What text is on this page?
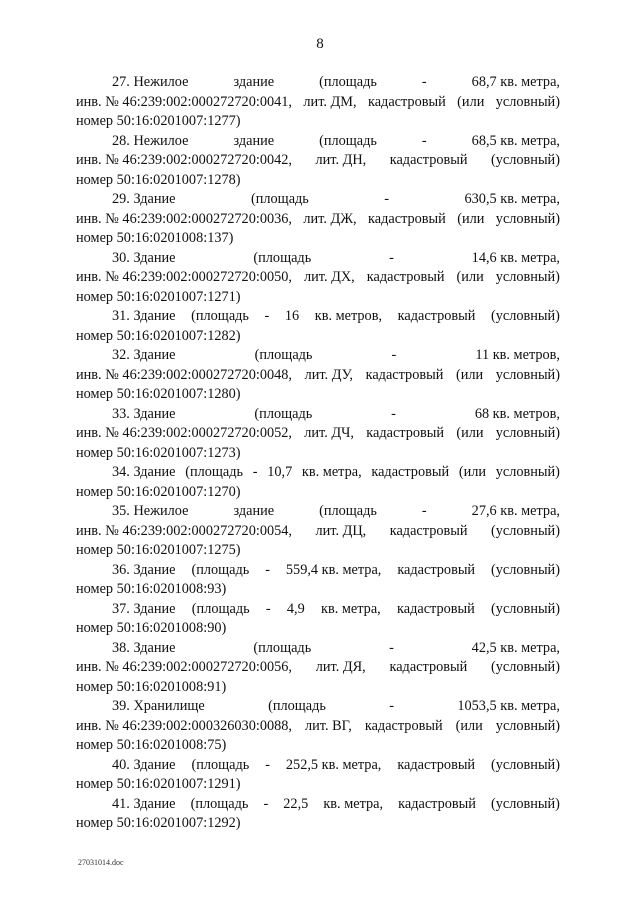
8
27. Нежилое	здание	(площадь	-	68,7 кв. метра,
инв. № 46:239:002:000272720:0041, лит. ДМ, кадастровый (или условный)
номер 50:16:0201007:1277)
28. Нежилое	здание	(площадь	-	68,5 кв. метра,
инв. № 46:239:002:000272720:0042, лит. ДН, кадастровый (условный)
номер 50:16:0201007:1278)
29. Здание	(площадь	-	630,5 кв. метра,
инв. № 46:239:002:000272720:0036, лит. ДЖ, кадастровый (или условный)
номер 50:16:0201008:137)
30. Здание	(площадь	-	14,6 кв. метра,
инв. № 46:239:002:000272720:0050, лит. ДХ, кадастровый (или условный)
номер 50:16:0201007:1271)
31. Здание (площадь - 16 кв. метров, кадастровый (условный)
номер 50:16:0201007:1282)
32. Здание	(площадь	-	11 кв. метров,
инв. № 46:239:002:000272720:0048, лит. ДУ, кадастровый (или условный)
номер 50:16:0201007:1280)
33. Здание	(площадь	-	68 кв. метров,
инв. № 46:239:002:000272720:0052, лит. ДЧ, кадастровый (или условный)
номер 50:16:0201007:1273)
34. Здание (площадь - 10,7 кв. метра, кадастровый (или условный)
номер 50:16:0201007:1270)
35. Нежилое	здание	(площадь	-	27,6 кв. метра,
инв. № 46:239:002:000272720:0054, лит. ДЦ, кадастровый (условный)
номер 50:16:0201007:1275)
36. Здание (площадь - 559,4 кв. метра, кадастровый (условный)
номер 50:16:0201008:93)
37. Здание (площадь - 4,9 кв. метра, кадастровый (условный)
номер 50:16:0201008:90)
38. Здание	(площадь	-	42,5 кв. метра,
инв. № 46:239:002:000272720:0056, лит. ДЯ, кадастровый (условный)
номер 50:16:0201008:91)
39. Хранилище	(площадь	-	1053,5 кв. метра,
инв. № 46:239:002:000326030:0088, лит. ВГ, кадастровый (или условный)
номер 50:16:0201008:75)
40. Здание (площадь - 252,5 кв. метра, кадастровый (условный)
номер 50:16:0201007:1291)
41. Здание (площадь - 22,5 кв. метра, кадастровый (условный)
номер 50:16:0201007:1292)
27031014.doc
